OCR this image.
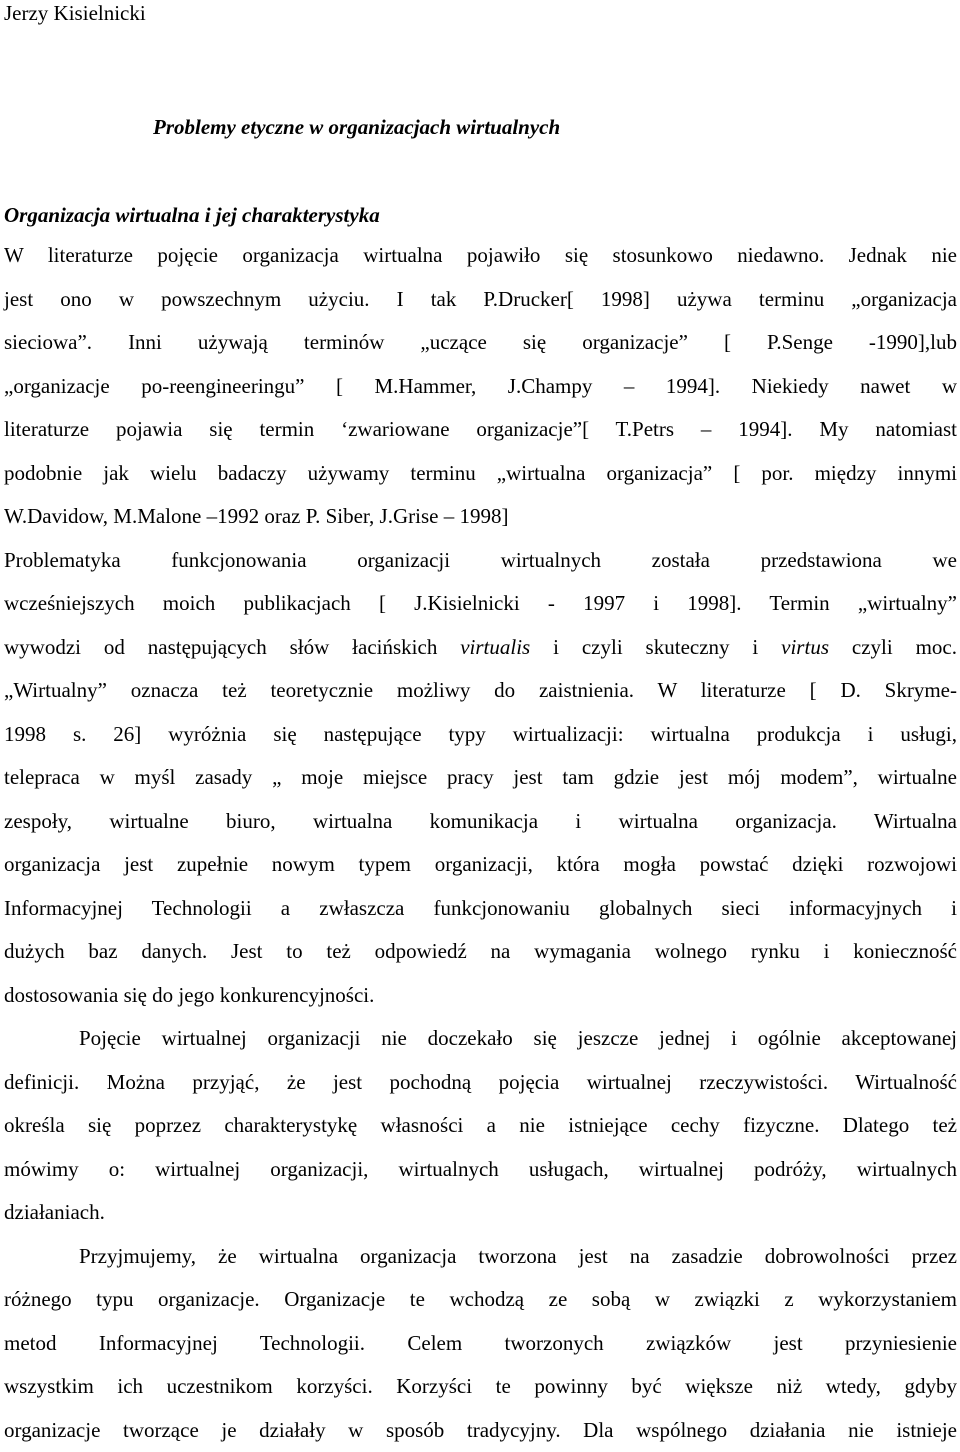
Jerzy Kisielnicki
Problemy etyczne w organizacjach wirtualnych
Organizacja wirtualna i jej charakterystyka
W literaturze pojęcie organizacja wirtualna pojawiło się stosunkowo niedawno. Jednak nie
jest ono w powszechnym użyciu. I tak P.Drucker[ 1998] używa terminu „organizacja
sieciowa”. Inni używają terminów „uczące się organizacje” [ P.Senge -1990],lub
„organizacje po-reengineeringu” [ M.Hammer, J.Champy – 1994]. Niekiedy nawet w
literaturze pojawia się termin ‘zwariowane organizacje”[ T.Petrs – 1994]. My natomiast
podobnie jak wielu badaczy używamy terminu „wirtualna organizacja” [ por. między innymi
W.Davidow, M.Malone –1992 oraz P. Siber, J.Grise – 1998]
Problematyka funkcjonowania organizacji wirtualnych została przedstawiona we
wcześniejszych moich publikacjach [ J.Kisielnicki - 1997 i 1998]. Termin „wirtualny”
wywodzi od następujących słów łacińskich virtualis i czyli skuteczny i virtus czyli moc.
„Wirtualny” oznacza też teoretycznie możliwy do zaistnienia. W literaturze [ D. Skryme-
1998 s. 26] wyróżnia się następujące typy wirtualizacji: wirtualna produkcja i usługi,
telepraca w myśl zasady „ moje miejsce pracy jest tam gdzie jest mój modem”, wirtualne
zespoły, wirtualne biuro, wirtualna komunikacja i wirtualna organizacja. Wirtualna
organizacja jest zupełnie nowym typem organizacji, która mogła powstać dzięki rozwojowi
Informacyjnej Technologii a zwłaszcza funkcjonowaniu globalnych sieci informacyjnych i
dużych baz danych. Jest to też odpowiedź na wymagania wolnego rynku i konieczność
dostosowania się do jego konkurencyjności.
Pojęcie wirtualnej organizacji nie doczekało się jeszcze jednej i ogólnie akceptowanej
definicji. Można przyjąć, że jest pochodną pojęcia wirtualnej rzeczywistości. Wirtualność
określa się poprzez charakterystykę własności a nie istniejące cechy fizyczne. Dlatego też
mówimy o: wirtualnej organizacji, wirtualnych usługach, wirtualnej podróży, wirtualnych
działaniach.
Przyjmujemy, że wirtualna organizacja tworzona jest na zasadzie dobrowolności przez
różnego typu organizacje. Organizacje te wchodzą ze sobą w związki z wykorzystaniem
metod Informacyjnej Technologii. Celem tworzonych związków jest przyniesienie
wszystkim ich uczestnikom korzyści. Korzyści te powinny być większe niż wtedy, gdyby
organizacje tworzące je działały w sposób tradycyjny. Dla wspólnego działania nie istnieje
